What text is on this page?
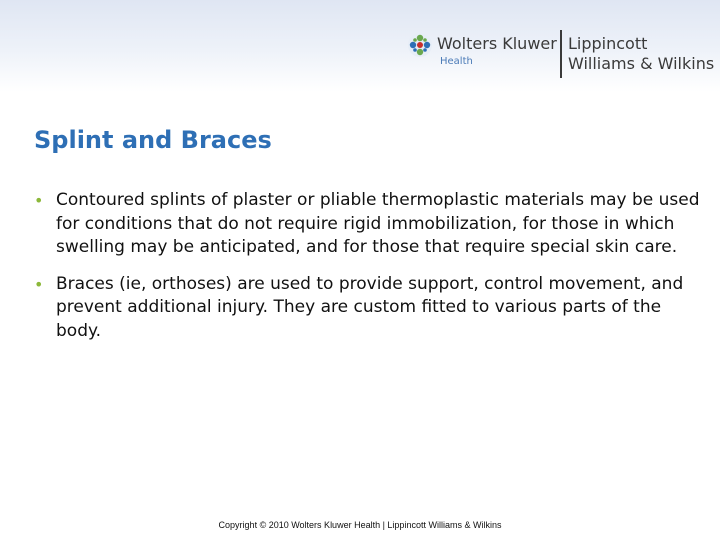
Wolters Kluwer
Health
Lippincott
Williams & Wilkins
Splint and Braces
• Contoured splints of plaster or pliable thermoplastic materials may be used for conditions that do not require rigid immobilization, for those in which swelling may be anticipated, and for those that require special skin care.
• Braces (ie, orthoses) are used to provide support, control movement, and prevent additional injury. They are custom fitted to various parts of the body.
Copyright © 2010 Wolters Kluwer Health | Lippincott Williams & Wilkins
